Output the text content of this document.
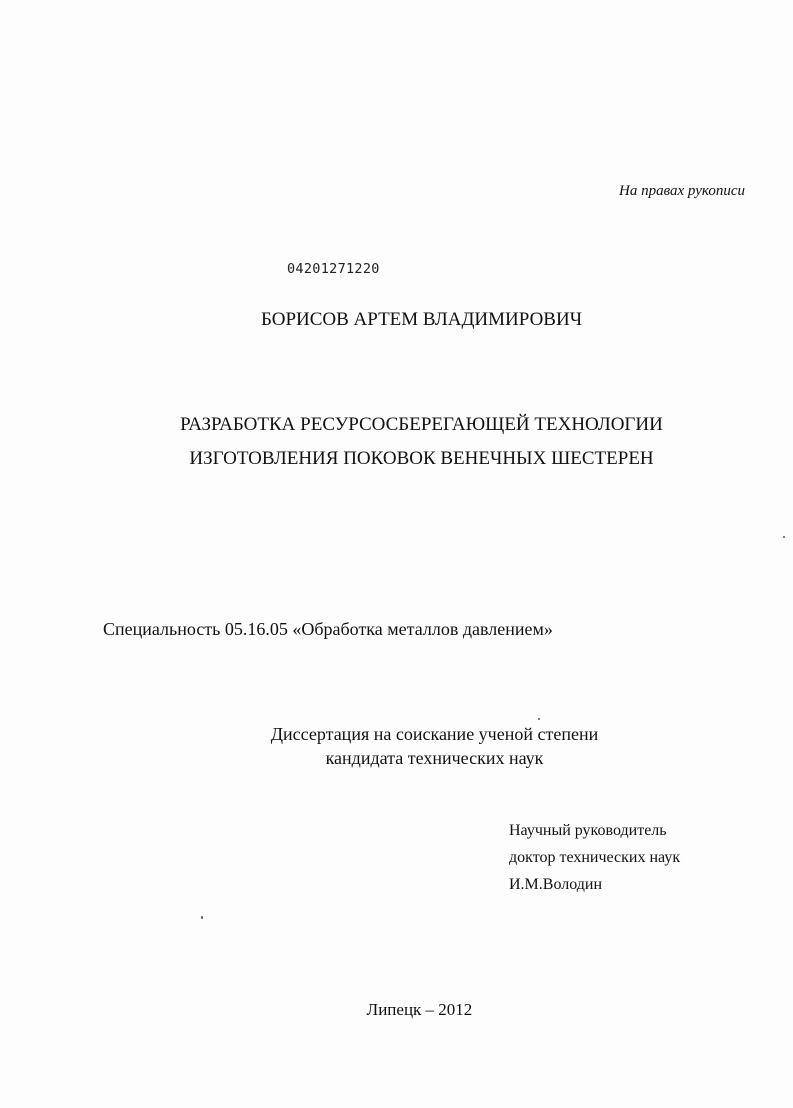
На правах рукописи

04201271220

БОРИСОВ АРТЕМ ВЛАДИМИРОВИЧ

РАЗРАБОТКА РЕСУРСОСБЕРЕГАЮЩЕЙ ТЕХНОЛОГИИ

ИЗГОТОВЛЕНИЯ ПОКОВОК ВЕНЕЧНЫХ ШЕСТЕРЕН

Специальность 05.16.05 «Обработка металлов давлением»

Диссертация на соискание ученой степени

кандидата технических наук

Научный руководитель

доктор технических наук

И.М.Володин

Липецк – 2012
